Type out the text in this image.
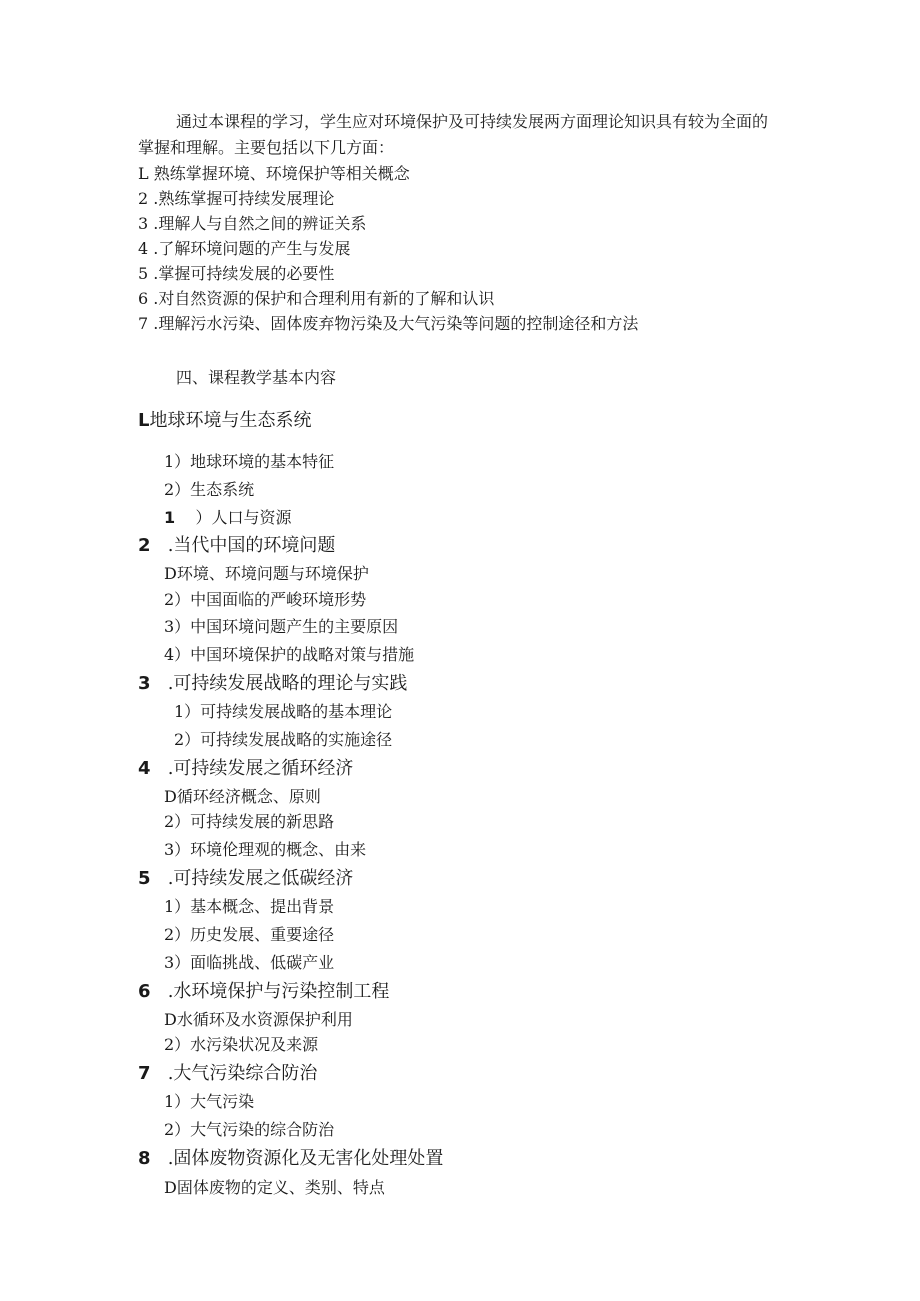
通过本课程的学习，学生应对环境保护及可持续发展两方面理论知识具有较为全面的
掌握和理解。主要包括以下几方面：
L 熟练掌握环境、环境保护等相关概念
2 .熟练掌握可持续发展理论
3 .理解人与自然之间的辨证关系
4 .了解环境问题的产生与发展
5 .掌握可持续发展的必要性
6 .对自然资源的保护和合理利用有新的了解和认识
7 .理解污水污染、固体废弃物污染及大气污染等问题的控制途径和方法
四、课程教学基本内容
L地球环境与生态系统
1）地球环境的基本特征
2）生态系统
1 ）人口与资源
2 .当代中国的环境问题
D环境、环境问题与环境保护
2）中国面临的严峻环境形势
3）中国环境问题产生的主要原因
4）中国环境保护的战略对策与措施
3 .可持续发展战略的理论与实践
1）可持续发展战略的基本理论
2）可持续发展战略的实施途径
4 .可持续发展之循环经济
D循环经济概念、原则
2）可持续发展的新思路
3）环境伦理观的概念、由来
5 .可持续发展之低碳经济
1）基本概念、提出背景
2）历史发展、重要途径
3）面临挑战、低碳产业
6 .水环境保护与污染控制工程
D水循环及水资源保护利用
2）水污染状况及来源
7 .大气污染综合防治
1）大气污染
2）大气污染的综合防治
8 .固体废物资源化及无害化处理处置
D固体废物的定义、类别、特点
